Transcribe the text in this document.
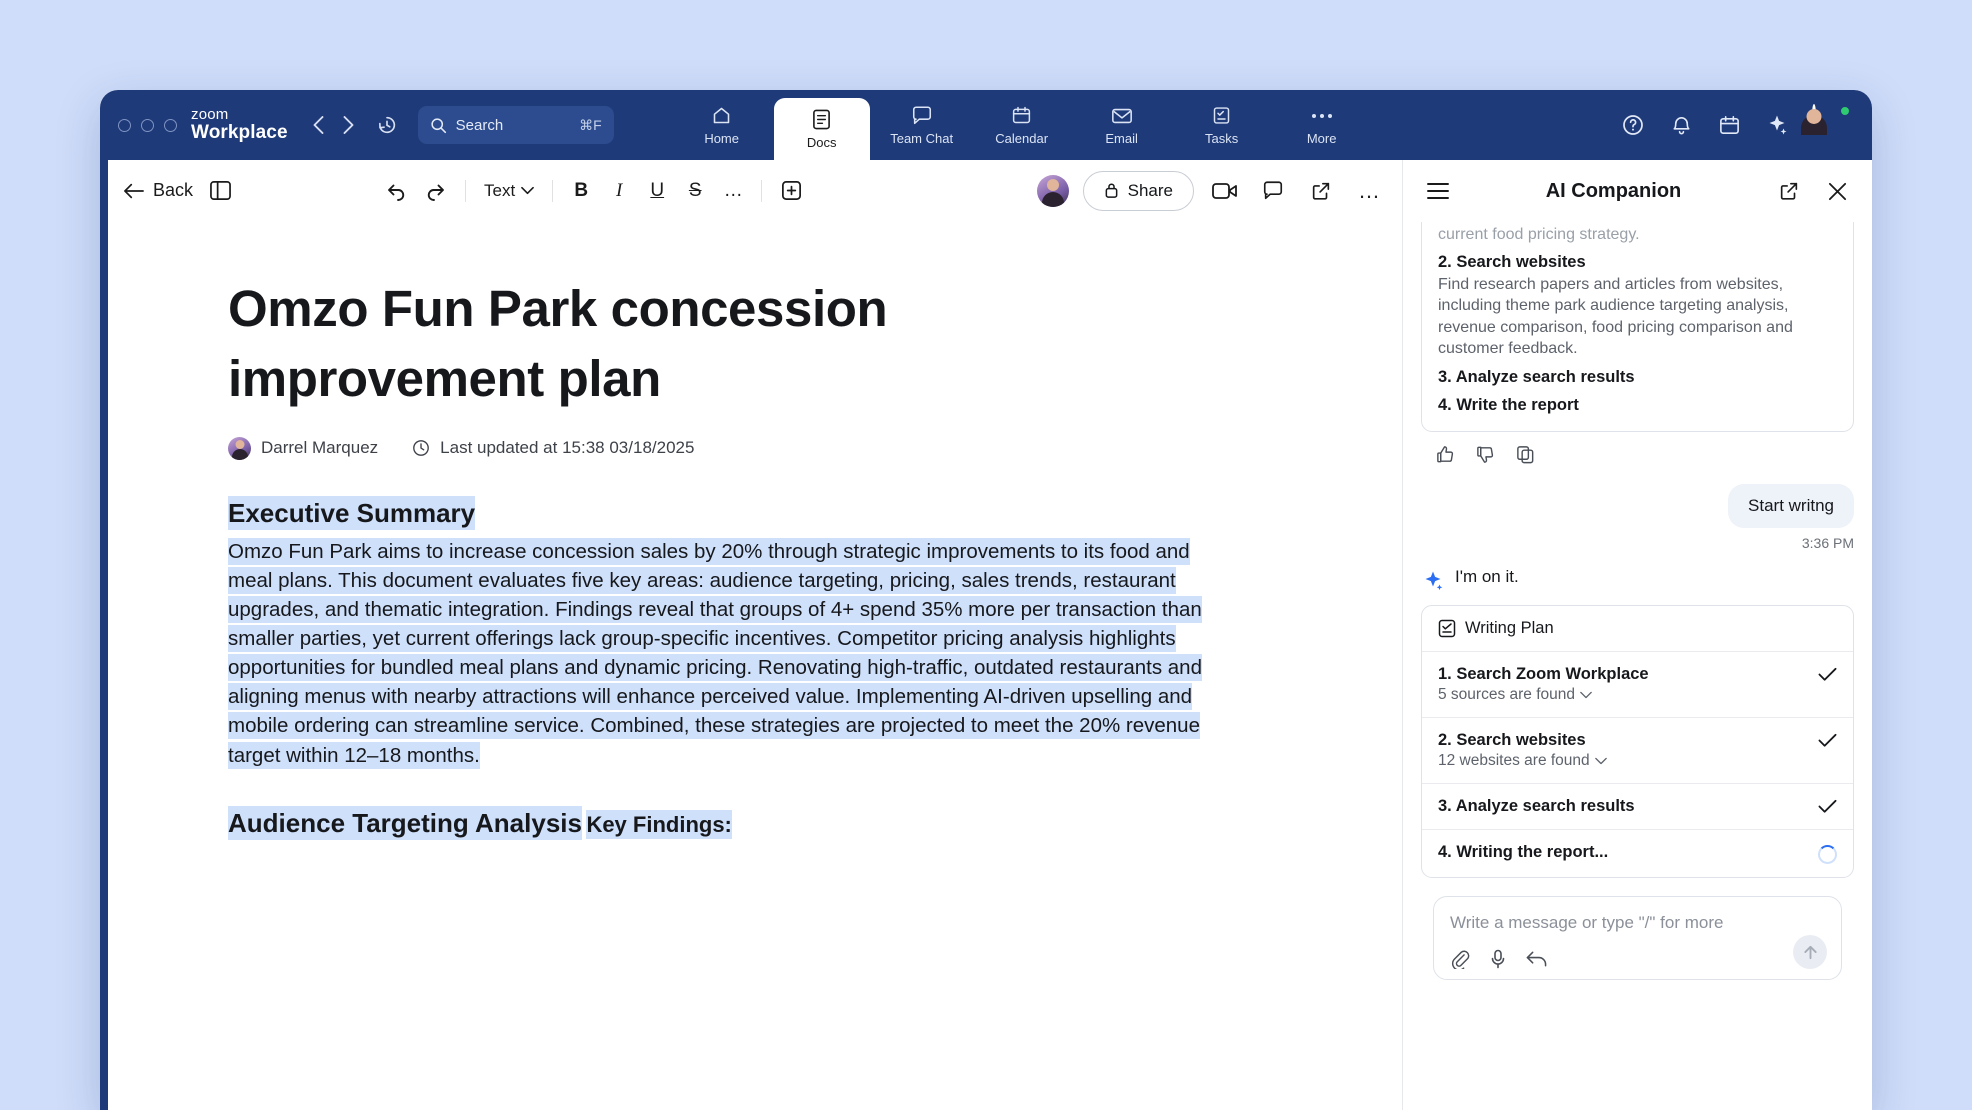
zoom
Workplace	Search	⌘F
Home	Docs	Team Chat	Calendar	Email	Tasks	More
Back	Text	B	I	U	S	…	Share	…
Omzo Fun Park concession improvement plan
Darrel Marquez	Last updated at 15:38 03/18/2025
Executive Summary

Omzo Fun Park aims to increase concession sales by 20% through strategic improvements to its food and meal plans. This document evaluates five key areas: audience targeting, pricing, sales trends, restaurant upgrades, and thematic integration. Findings reveal that groups of 4+ spend 35% more per transaction than smaller parties, yet current offerings lack group-specific incentives. Competitor pricing analysis highlights opportunities for bundled meal plans and dynamic pricing. Renovating high-traffic, outdated restaurants and aligning menus with nearby attractions will enhance perceived value. Implementing AI-driven upselling and mobile ordering can streamline service. Combined, these strategies are projected to meet the 20% revenue target within 12–18 months.

Audience Targeting Analysis Key Findings:
AI Companion
current food pricing strategy.
2. Search websites
Find research papers and articles from websites, including theme park audience targeting analysis, revenue comparison, food pricing comparison and customer feedback.
3. Analyze search results
4. Write the report
Start writng
3:36 PM
I'm on it.
Writing Plan
1. Search Zoom Workplace
5 sources are found
2. Search websites
12 websites are found
3. Analyze search results
4. Writing the report...
Write a message or type "/" for more
